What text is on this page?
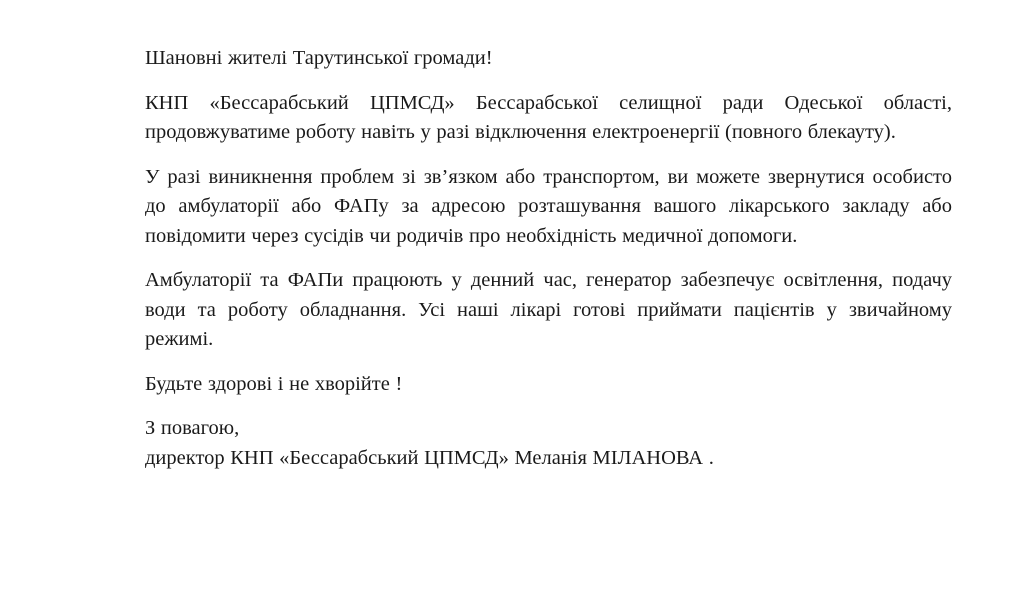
Шановні жителі Тарутинської громади!

КНП «Бессарабський ЦПМСД» Бессарабської селищної ради Одеської області, продовжуватиме роботу навіть у разі відключення електроенергії (повного блекауту).

У разі виникнення проблем зі зв’язком або транспортом, ви можете звернутися особисто до амбулаторії або ФАПу за адресою розташування вашого лікарського закладу або повідомити через сусідів чи родичів про необхідність медичної допомоги.

Амбулаторії та ФАПи працюють у денний час, генератор забезпечує освітлення, подачу води та роботу обладнання. Усі наші лікарі готові приймати пацієнтів у звичайному режимі.

Будьте здорові і не хворійте !

З повагою,
директор КНП «Бессарабський ЦПМСД» Меланія МІЛАНОВА .
